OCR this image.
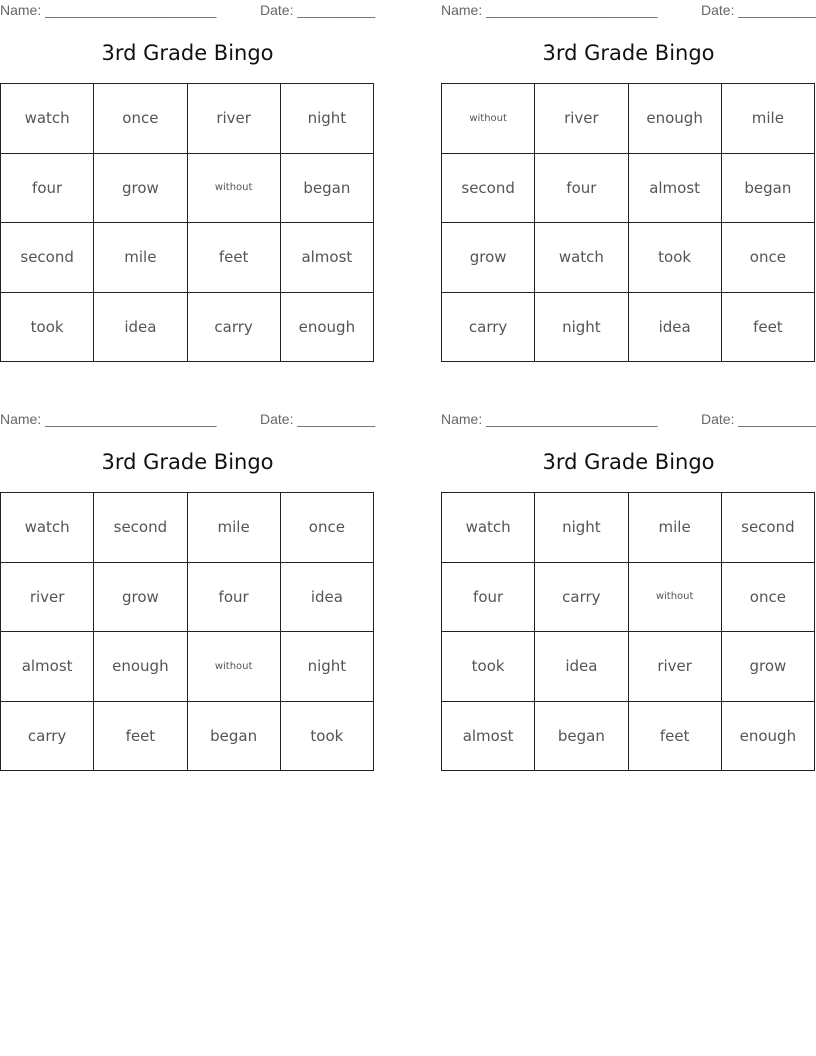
Name: ______________________	Date: __________
3rd Grade Bingo
watch	once	river	night
four	grow	without	began
second	mile	feet	almost
took	idea	carry	enough
Name: ______________________	Date: __________
3rd Grade Bingo
without	river	enough	mile
second	four	almost	began
grow	watch	took	once
carry	night	idea	feet
Name: ______________________	Date: __________
3rd Grade Bingo
watch	second	mile	once
river	grow	four	idea
almost	enough	without	night
carry	feet	began	took
Name: ______________________	Date: __________
3rd Grade Bingo
watch	night	mile	second
four	carry	without	once
took	idea	river	grow
almost	began	feet	enough
